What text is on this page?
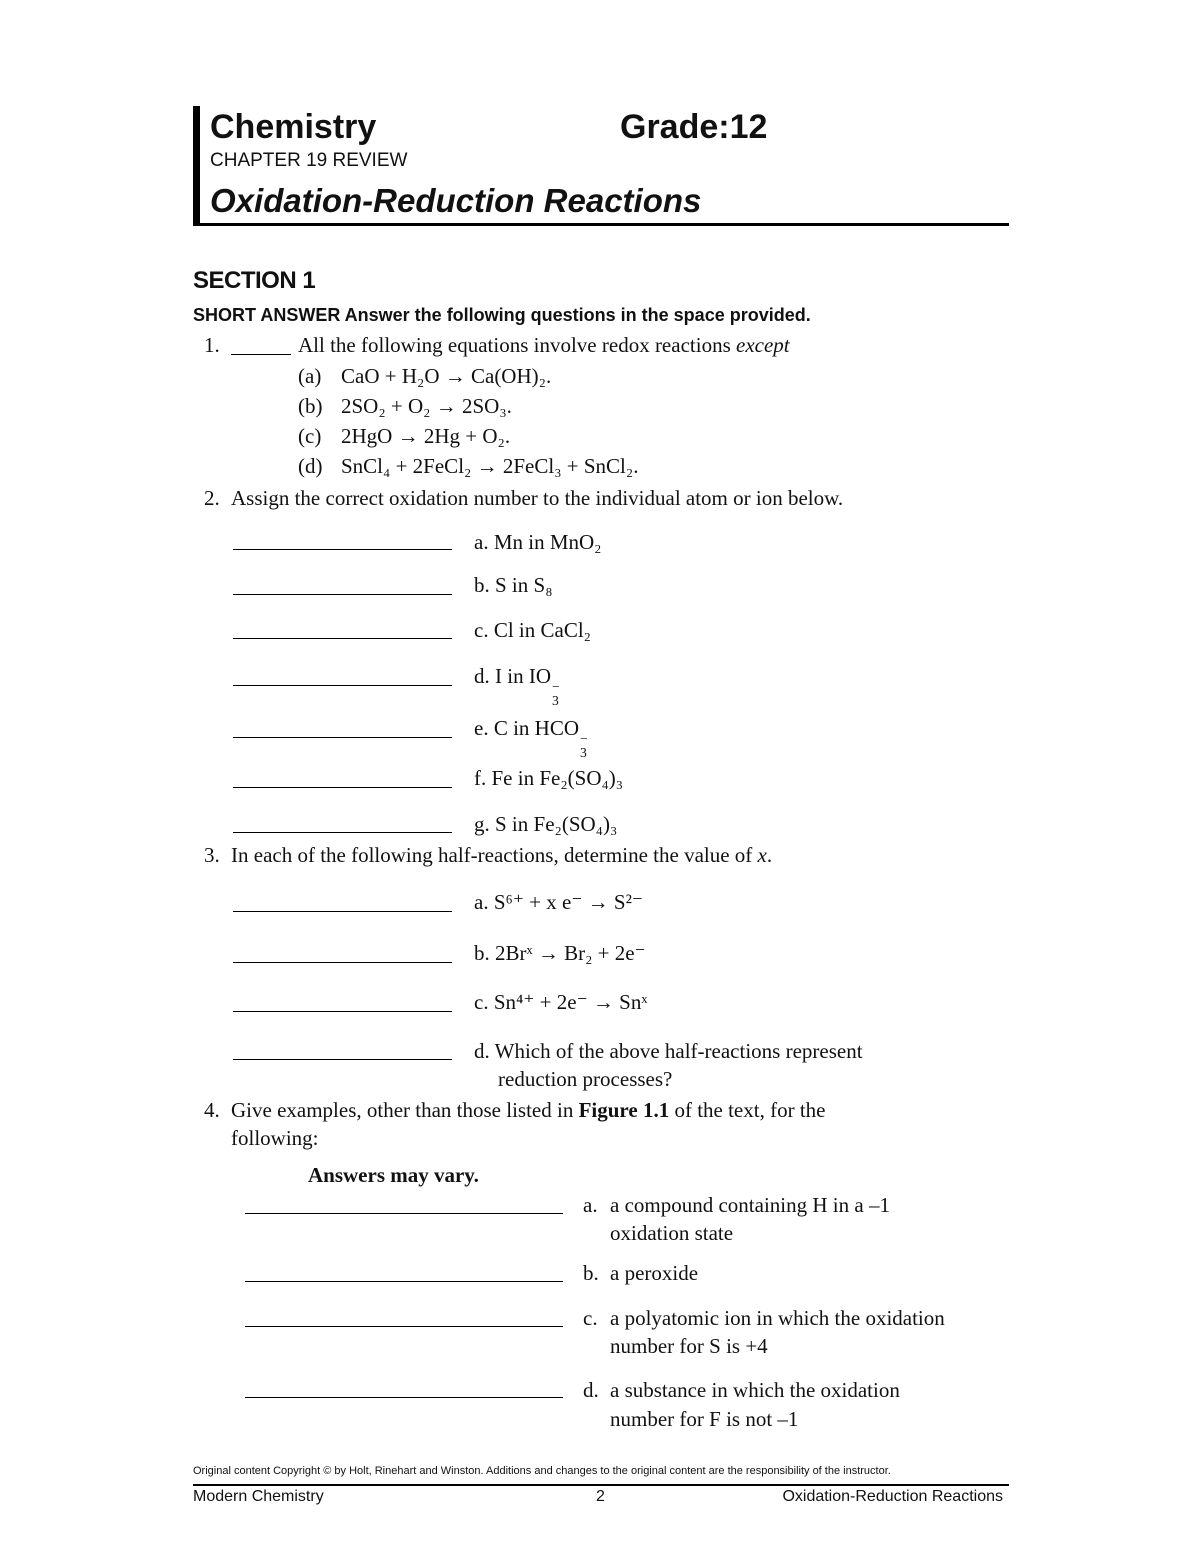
Chemistry	Grade:12
CHAPTER 19 REVIEW
Oxidation-Reduction Reactions
SECTION 1
SHORT ANSWER Answer the following questions in the space provided.
1.	All the following equations involve redox reactions except
(a) CaO + H₂O → Ca(OH)₂.
(b) 2SO₂ + O₂ → 2SO₃.
(c) 2HgO → 2Hg + O₂.
(d) SnCl₄ + 2FeCl₂ → 2FeCl₃ + SnCl₂.
2. Assign the correct oxidation number to the individual atom or ion below.
a. Mn in MnO₂
b. S in S₈
c. Cl in CaCl₂
d. I in IO −
3
e. C in HCO −
3
f. Fe in Fe₂(SO₄)₃
g. S in Fe₂(SO₄)₃
3. In each of the following half-reactions, determine the value of x.
a. S⁶⁺ + x e⁻ → S²⁻
b. 2Brˣ → Br₂ + 2e⁻
c. Sn⁴⁺ + 2e⁻ → Snˣ
d. Which of the above half-reactions represent
reduction processes?
4. Give examples, other than those listed in Figure 1.1 of the text, for the
following:
Answers may vary.
a. a compound containing H in a –1
oxidation state
b. a peroxide
c. a polyatomic ion in which the oxidation
number for S is +4
d. a substance in which the oxidation
number for F is not –1
Original content Copyright © by Holt, Rinehart and Winston. Additions and changes to the original content are the responsibility of the instructor.
Modern Chemistry	2	Oxidation-Reduction Reactions
